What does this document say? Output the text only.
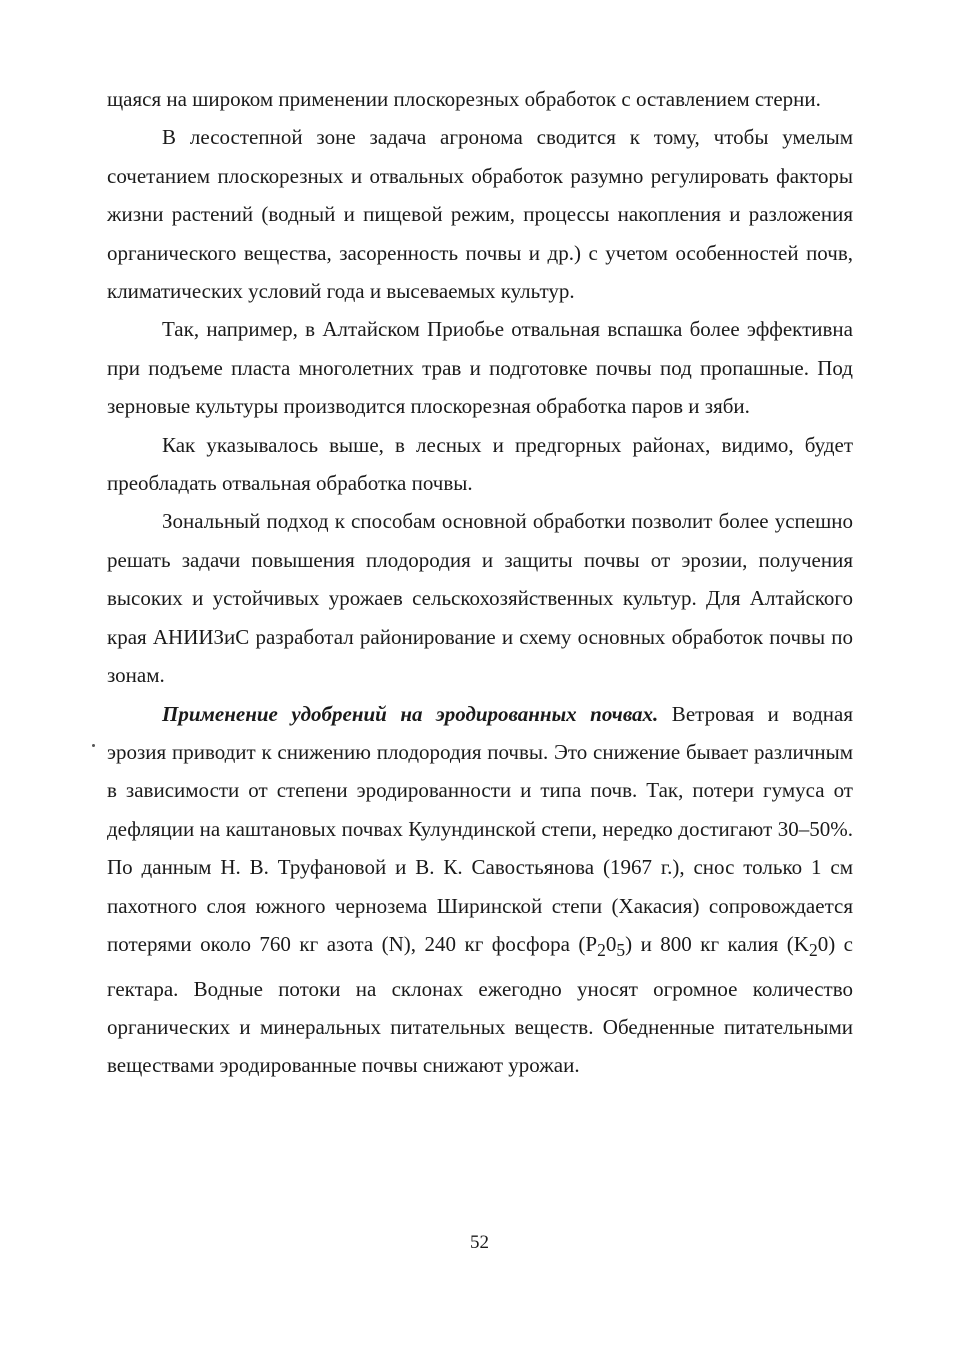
щаяся на широком применении плоскорезных обработок с оставлением стерни.

В лесостепной зоне задача агронома сводится к тому, чтобы умелым сочетанием плоскорезных и отвальных обработок разумно регулировать факторы жизни растений (водный и пищевой режим, процессы накопления и разложения органического вещества, засоренность почвы и др.) с учетом особенностей почв, климатических условий года и высеваемых культур.

Так, например, в Алтайском Приобье отвальная вспашка более эффективна при подъеме пласта многолетних трав и подготовке почвы под пропашные. Под зерновые культуры производится плоскорезная обработка паров и зяби.

Как указывалось выше, в лесных и предгорных районах, видимо, будет преобладать отвальная обработка почвы.

Зональный подход к способам основной обработки позволит более успешно решать задачи повышения плодородия и защиты почвы от эрозии, получения высоких и устойчивых урожаев сельскохозяйственных культур. Для Алтайского края АНИИЗиС разработал районирование и схему основных обработок почвы по зонам.

Применение удобрений на эродированных почвах. Ветровая и водная эрозия приводит к снижению плодородия почвы. Это снижение бывает различным в зависимости от степени эродированности и типа почв. Так, потери гумуса от дефляции на каштановых почвах Кулундинской степи, нередко достигают 30–50%. По данным Н. В. Труфановой и В. К. Савостьянова (1967 г.), снос только 1 см пахотного слоя южного чернозема Ширинской степи (Хакасия) сопровождается потерями около 760 кг азота (N), 240 кг фосфора $(P_20_5)$ и 800 кг калия $(K_20)$ с гектара. Водные потоки на склонах ежегодно уносят огромное количество органических и минеральных питательных веществ. Обедненные питательными веществами эродированные почвы снижают урожаи.

52
